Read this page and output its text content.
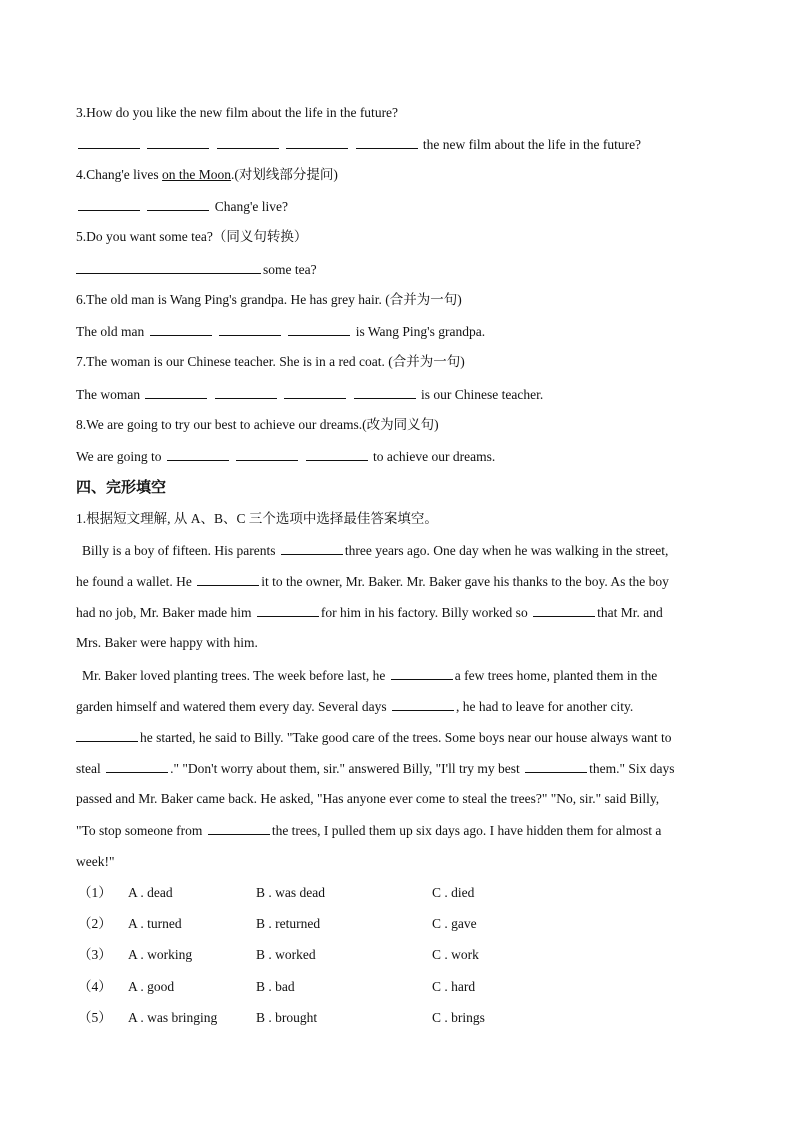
3.How do you like the new film about the life in the future?
the new film about the life in the future?
4.Chang'e lives on the Moon.(对划线部分提问)
Chang'e live?
5.Do you want some tea?（同义句转换）
some tea?
6.The old man is Wang Ping's grandpa. He has grey hair. (合并为一句)
The old man	is Wang Ping's grandpa.
7.The woman is our Chinese teacher. She is in a red coat. (合并为一句)
The woman	is our Chinese teacher.
8.We are going to try our best to achieve our dreams.(改为同义句)
We are going to	to achieve our dreams.
四、完形填空
1.根据短文理解, 从 A、B、C 三个选项中选择最佳答案填空。
Billy is a boy of fifteen. His parents	three years ago. One day when he was walking in the street,
he found a wallet. He	it to the owner, Mr. Baker. Mr. Baker gave his thanks to the boy. As the boy
had no job, Mr. Baker made him	for him in his factory. Billy worked so	that Mr. and
Mrs. Baker were happy with him.
Mr. Baker loved planting trees. The week before last, he	a few trees home, planted them in the
garden himself and watered them every day. Several days	, he had to leave for another city.
he started, he said to Billy. "Take good care of the trees. Some boys near our house always want to
steal	." "Don't worry about them, sir." answered Billy, "I'll try my best	them." Six days
passed and Mr. Baker came back. He asked, "Has anyone ever come to steal the trees?" "No, sir." said Billy,
"To stop someone from	the trees, I pulled them up six days ago. I have hidden them for almost a
week!"
（1） A . dead	B . was dead	C . died
（2） A . turned	B . returned	C . gave
（3） A . working	B . worked	C . work
（4） A . good	B . bad	C . hard
（5） A . was bringing	B . brought	C . brings
